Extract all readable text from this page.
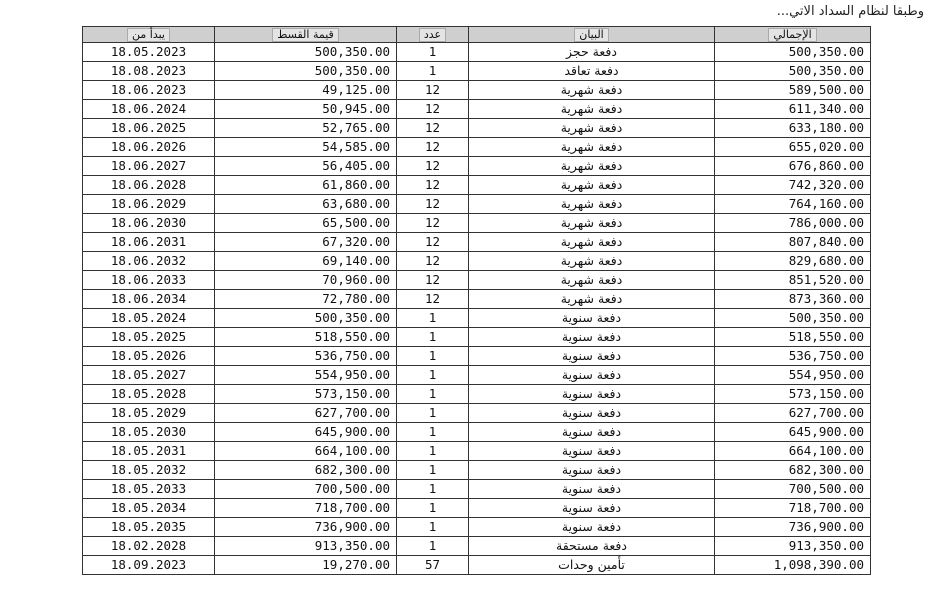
وطبقا لنظام السداد الاتي...
يبدأ من	قيمة القسط	عدد	البيان	الإجمالي
18.05.2023	500,350.00	1	دفعة حجز	500,350.00
18.08.2023	500,350.00	1	دفعة تعاقد	500,350.00
18.06.2023	49,125.00	12	دفعة شهرية	589,500.00
18.06.2024	50,945.00	12	دفعة شهرية	611,340.00
18.06.2025	52,765.00	12	دفعة شهرية	633,180.00
18.06.2026	54,585.00	12	دفعة شهرية	655,020.00
18.06.2027	56,405.00	12	دفعة شهرية	676,860.00
18.06.2028	61,860.00	12	دفعة شهرية	742,320.00
18.06.2029	63,680.00	12	دفعة شهرية	764,160.00
18.06.2030	65,500.00	12	دفعة شهرية	786,000.00
18.06.2031	67,320.00	12	دفعة شهرية	807,840.00
18.06.2032	69,140.00	12	دفعة شهرية	829,680.00
18.06.2033	70,960.00	12	دفعة شهرية	851,520.00
18.06.2034	72,780.00	12	دفعة شهرية	873,360.00
18.05.2024	500,350.00	1	دفعة سنوية	500,350.00
18.05.2025	518,550.00	1	دفعة سنوية	518,550.00
18.05.2026	536,750.00	1	دفعة سنوية	536,750.00
18.05.2027	554,950.00	1	دفعة سنوية	554,950.00
18.05.2028	573,150.00	1	دفعة سنوية	573,150.00
18.05.2029	627,700.00	1	دفعة سنوية	627,700.00
18.05.2030	645,900.00	1	دفعة سنوية	645,900.00
18.05.2031	664,100.00	1	دفعة سنوية	664,100.00
18.05.2032	682,300.00	1	دفعة سنوية	682,300.00
18.05.2033	700,500.00	1	دفعة سنوية	700,500.00
18.05.2034	718,700.00	1	دفعة سنوية	718,700.00
18.05.2035	736,900.00	1	دفعة سنوية	736,900.00
18.02.2028	913,350.00	1	دفعة مستحقة	913,350.00
18.09.2023	19,270.00	57	تأمين وحدات	1,098,390.00
